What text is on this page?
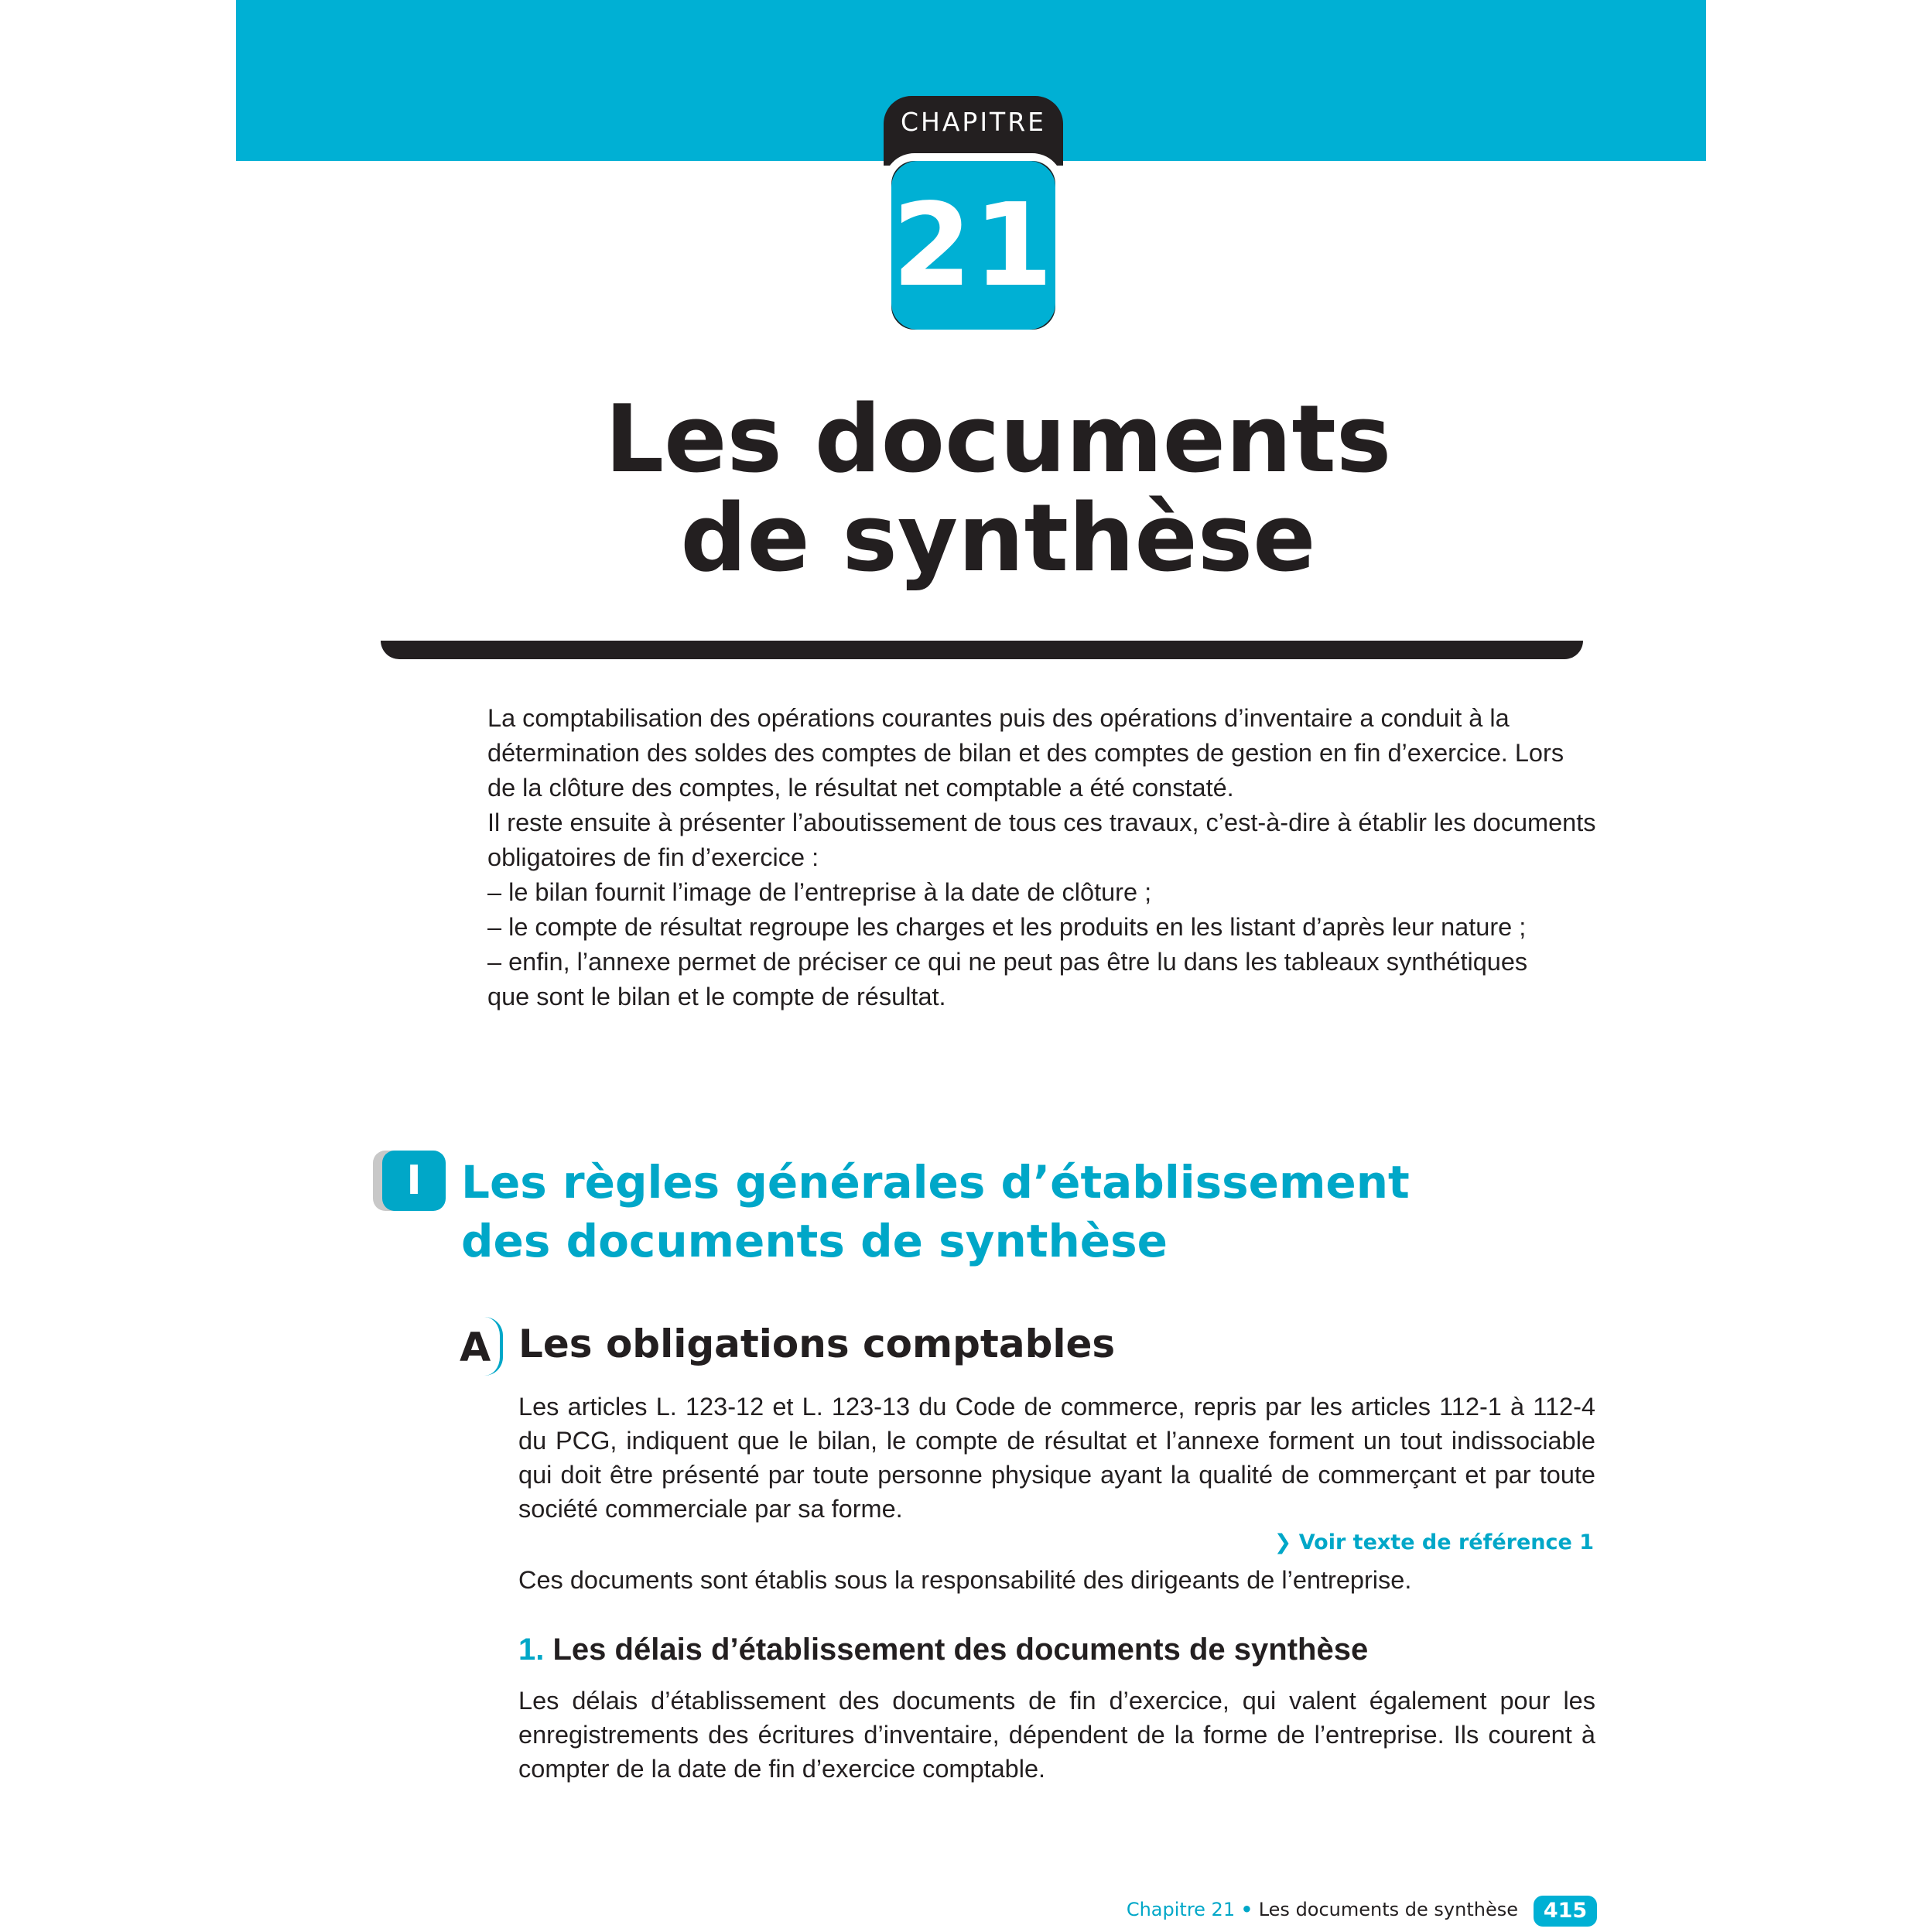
CHAPITRE
21
Les documents
de synthèse

La comptabilisation des opérations courantes puis des opérations d’inventaire a conduit à la

détermination des soldes des comptes de bilan et des comptes de gestion en fin d’exercice. Lors

de la clôture des comptes, le résultat net comptable a été constaté.

Il reste ensuite à présenter l’aboutissement de tous ces travaux, c’est-à-dire à établir les documents

obligatoires de fin d’exercice :

– le bilan fournit l’image de l’entreprise à la date de clôture ;

– le compte de résultat regroupe les charges et les produits en les listant d’après leur nature ;

– enfin, l’annexe permet de préciser ce qui ne peut pas être lu dans les tableaux synthétiques

que sont le bilan et le compte de résultat.

I Les règles générales d’établissement
des documents de synthèse
A Les obligations comptables
Les articles L. 123-12 et L. 123-13 du Code de commerce, repris par les articles 112-1 à 112-4 du PCG, indiquent que le bilan, le compte de résultat et l’annexe forment un tout indissociable qui doit être présenté par toute personne physique ayant la qualité de commerçant et par toute société commerciale par sa forme.
❯ Voir texte de référence 1
Ces documents sont établis sous la responsabilité des dirigeants de l’entreprise.
1. Les délais d’établissement des documents de synthèse
Les délais d’établissement des documents de fin d’exercice, qui valent également pour les enregistrements des écritures d’inventaire, dépendent de la forme de l’entreprise. Ils courent à compter de la date de fin d’exercice comptable.
Chapitre 21 • Les documents de synthèse	415
